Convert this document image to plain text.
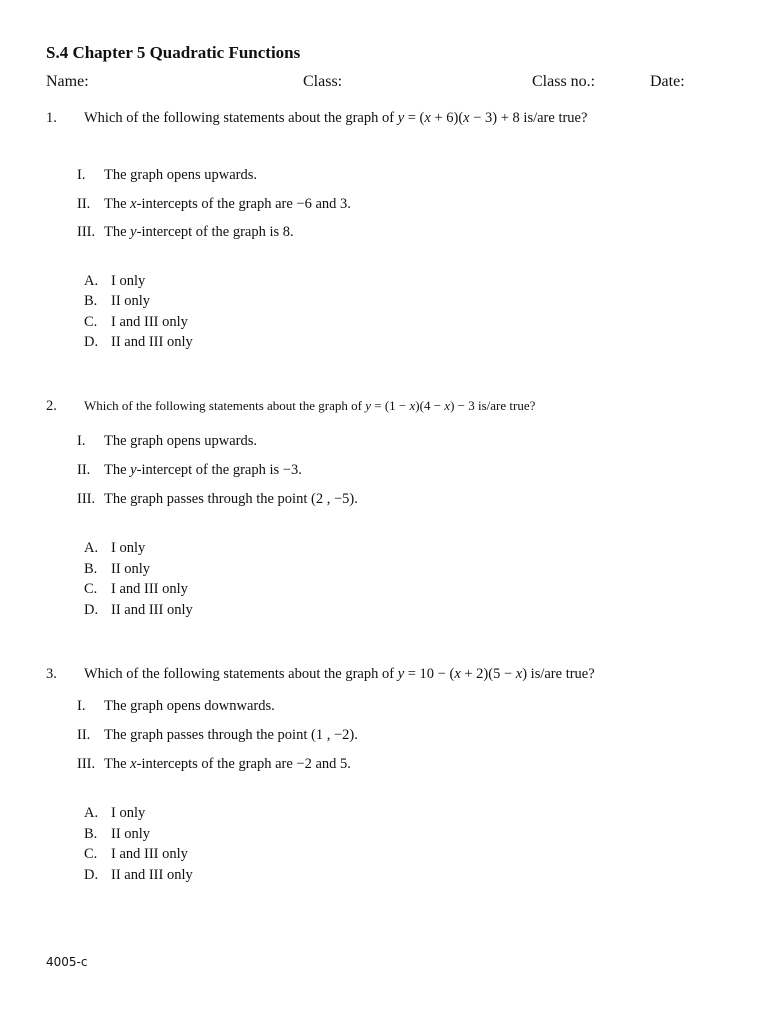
S.4 Chapter 5 Quadratic Functions
Name:	Class:	Class no.:	Date:
1. Which of the following statements about the graph of y = (x + 6)(x − 3) + 8 is/are true?
I. The graph opens upwards.
II. The x-intercepts of the graph are −6 and 3.
III. The y-intercept of the graph is 8.
A. I only
B. II only
C. I and III only
D. II and III only
2. Which of the following statements about the graph of y = (1 − x)(4 − x) − 3 is/are true?
I. The graph opens upwards.
II. The y-intercept of the graph is −3.
III. The graph passes through the point (2 , −5).
A. I only
B. II only
C. I and III only
D. II and III only
3. Which of the following statements about the graph of y = 10 − (x + 2)(5 − x) is/are true?
I. The graph opens downwards.
II. The graph passes through the point (1 , −2).
III. The x-intercepts of the graph are −2 and 5.
A. I only
B. II only
C. I and III only
D. II and III only
4005-c
